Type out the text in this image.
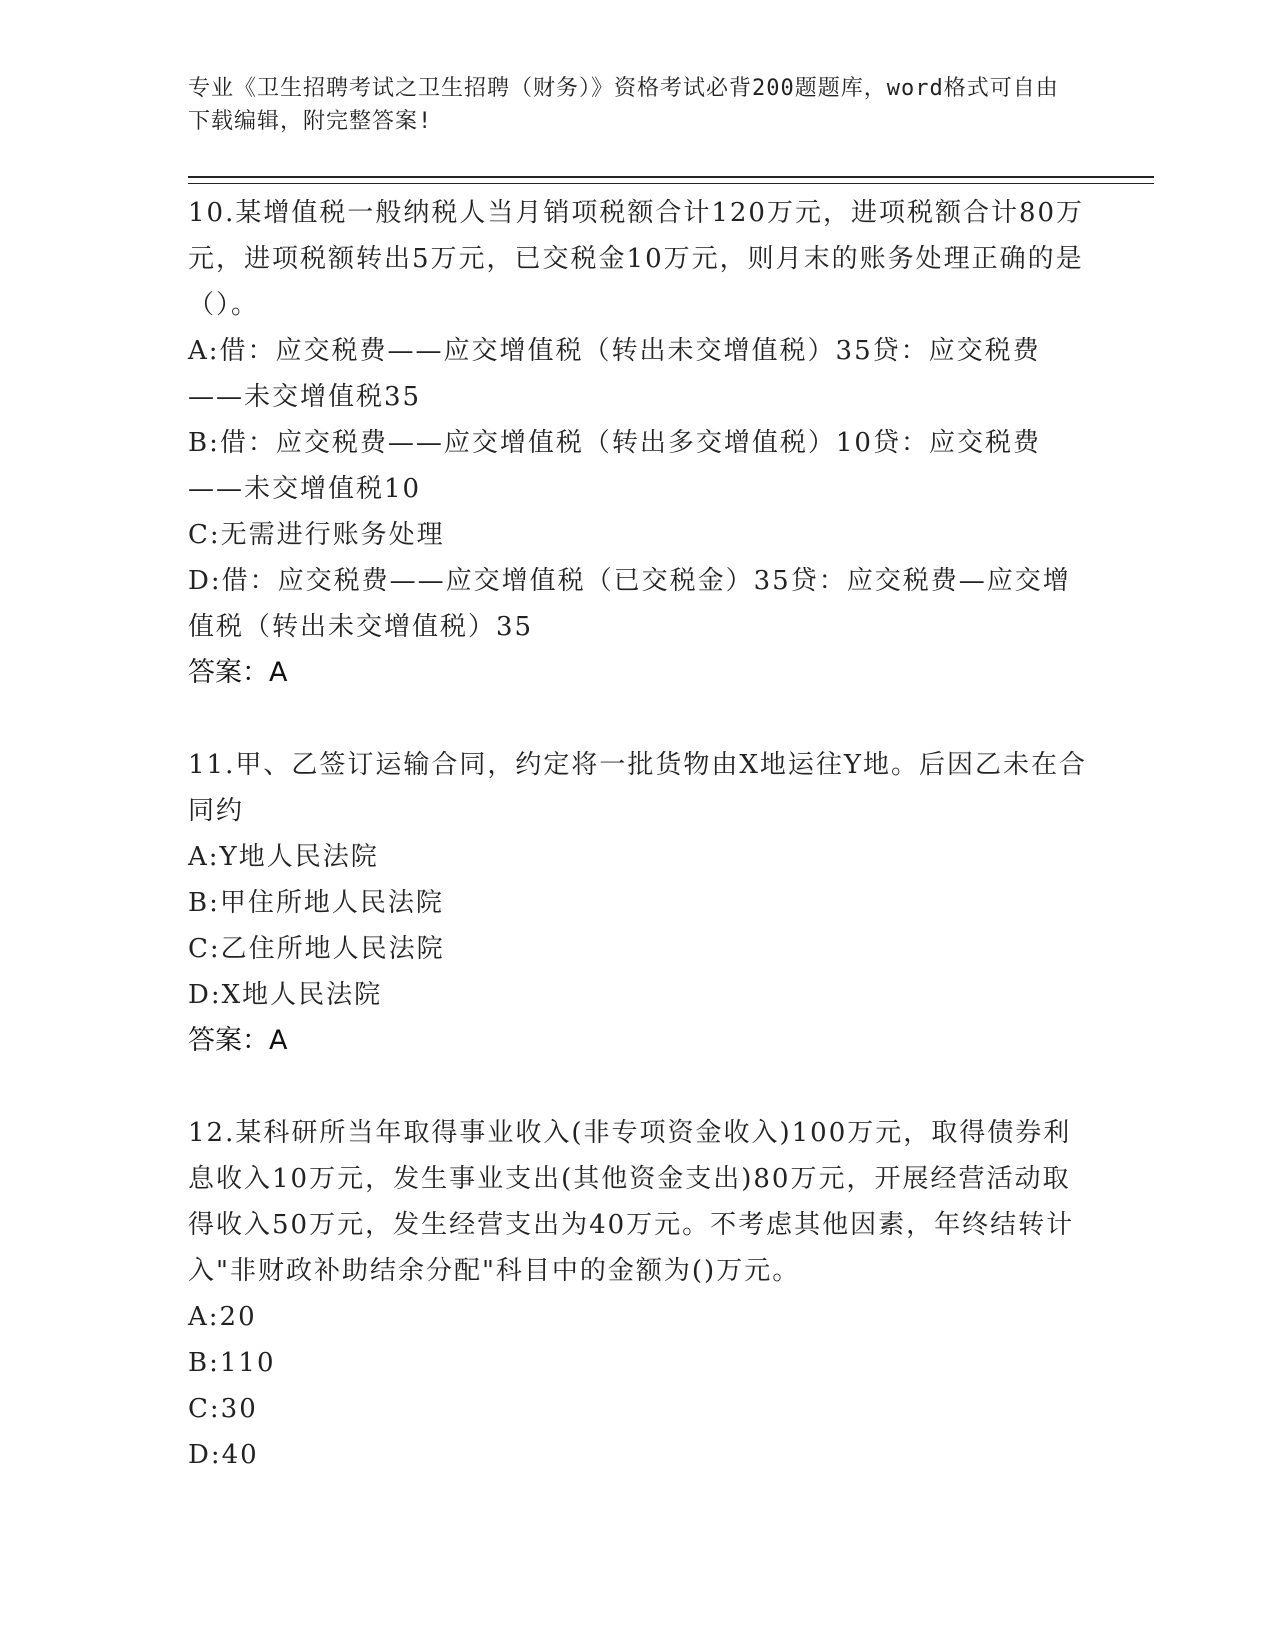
专业《卫生招聘考试之卫生招聘（财务）》资格考试必背200题题库，word格式可自由下载编辑，附完整答案!

10.某增值税一般纳税人当月销项税额合计120万元，进项税额合计80万元，进项税额转出5万元，已交税金10万元，则月末的账务处理正确的是（）。

A:借：应交税费——应交增值税（转出未交增值税）35贷：应交税费——未交增值税35

B:借：应交税费——应交增值税（转出多交增值税）10贷：应交税费——未交增值税10

C:无需进行账务处理

D:借：应交税费——应交增值税（已交税金）35贷：应交税费—应交增值税（转出未交增值税）35

答案：A

11.甲、乙签订运输合同，约定将一批货物由X地运往Y地。后因乙未在合同约

A:Y地人民法院

B:甲住所地人民法院

C:乙住所地人民法院

D:X地人民法院

答案：A

12.某科研所当年取得事业收入(非专项资金收入)100万元，取得债券利息收入10万元，发生事业支出(其他资金支出)80万元，开展经营活动取得收入50万元，发生经营支出为40万元。不考虑其他因素，年终结转计入"非财政补助结余分配"科目中的金额为()万元。

A:20

B:110

C:30

D:40
